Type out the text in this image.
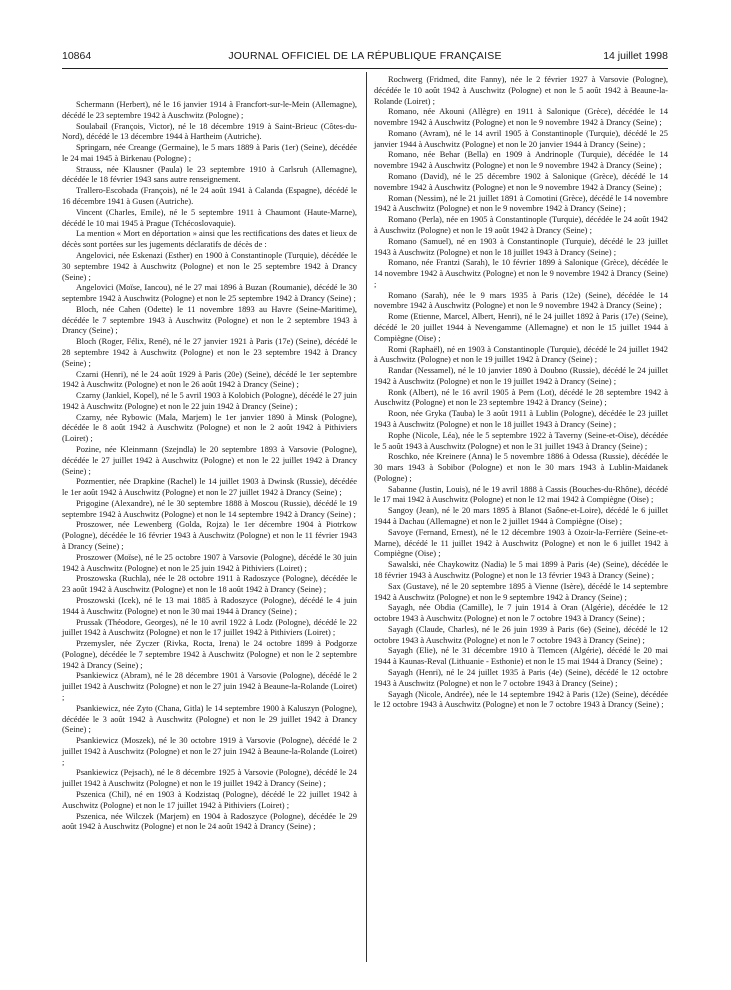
JOURNAL OFFICIEL DE LA RÉPUBLIQUE FRANÇAISE
10864	14 juillet 1998

Schermann (Herbert), né le 16 janvier 1914 à Francfort-sur-le-Mein (Allemagne), décédé le 23 septembre 1942 à Auschwitz (Pologne) ;

Soulabail (François, Victor), né le 18 décembre 1919 à Saint-Brieuc (Côtes-du-Nord), décédé le 13 décembre 1944 à Hartheim (Autriche).

Springarn, née Creange (Germaine), le 5 mars 1889 à Paris (1er) (Seine), décédée le 24 mai 1945 à Birkenau (Pologne) ;

Strauss, née Klausner (Paula) le 23 septembre 1910 à Carlsruh (Allemagne), décédée le 18 février 1943 sans autre renseignement.

Trallero-Escobada (François), né le 24 août 1941 à Calanda (Espagne), décédé le 16 décembre 1941 à Gusen (Autriche).

Vincent (Charles, Emile), né le 5 septembre 1911 à Chaumont (Haute-Marne), décédé le 10 mai 1945 à Prague (Tchécoslovaquie).

La mention « Mort en déportation » ainsi que les rectifications des dates et lieux de décès sont portées sur les jugements déclaratifs de décès de :

Angelovici, née Eskenazi (Esther) en 1900 à Constantinople (Turquie), décédée le 30 septembre 1942 à Auschwitz (Pologne) et non le 25 septembre 1942 à Drancy (Seine) ;

Angelovici (Moïse, Iancou), né le 27 mai 1896 à Buzan (Roumanie), décédé le 30 septembre 1942 à Auschwitz (Pologne) et non le 25 septembre 1942 à Drancy (Seine) ;

Bloch, née Cahen (Odette) le 11 novembre 1893 au Havre (Seine-Maritime), décédée le 7 septembre 1943 à Auschwitz (Pologne) et non le 2 septembre 1943 à Drancy (Seine) ;

Bloch (Roger, Félix, René), né le 27 janvier 1921 à Paris (17e) (Seine), décédé le 28 septembre 1942 à Auschwitz (Pologne) et non le 23 septembre 1942 à Drancy (Seine) ;

Czarni (Henri), né le 24 août 1929 à Paris (20e) (Seine), décédé le 1er septembre 1942 à Auschwitz (Pologne) et non le 26 août 1942 à Drancy (Seine) ;

Czarny (Jankiel, Kopel), né le 5 avril 1903 à Kolobich (Pologne), décédé le 27 juin 1942 à Auschwitz (Pologne) et non le 22 juin 1942 à Drancy (Seine) ;

Czarny, née Rybowic (Mala, Marjem) le 1er janvier 1890 à Minsk (Pologne), décédée le 8 août 1942 à Auschwitz (Pologne) et non le 2 août 1942 à Pithiviers (Loiret) ;

Pozine, née Kleinmann (Szejndla) le 20 septembre 1893 à Varsovie (Pologne), décédée le 27 juillet 1942 à Auschwitz (Pologne) et non le 22 juillet 1942 à Drancy (Seine) ;

Pozmentier, née Drapkine (Rachel) le 14 juillet 1903 à Dwinsk (Russie), décédée le 1er août 1942 à Auschwitz (Pologne) et non le 27 juillet 1942 à Drancy (Seine) ;

Prigogine (Alexandre), né le 30 septembre 1888 à Moscou (Russie), décédé le 19 septembre 1942 à Auschwitz (Pologne) et non le 14 septembre 1942 à Drancy (Seine) ;

Proszower, née Lewenberg (Golda, Rojza) le 1er décembre 1904 à Piotrkow (Pologne), décédée le 16 février 1943 à Auschwitz (Pologne) et non le 11 février 1943 à Drancy (Seine) ;

Proszower (Moïse), né le 25 octobre 1907 à Varsovie (Pologne), décédé le 30 juin 1942 à Auschwitz (Pologne) et non le 25 juin 1942 à Pithiviers (Loiret) ;

Proszowska (Ruchla), née le 28 octobre 1911 à Radoszyce (Pologne), décédée le 23 août 1942 à Auschwitz (Pologne) et non le 18 août 1942 à Drancy (Seine) ;

Proszowski (Icek), né le 13 mai 1885 à Radoszyce (Pologne), décédé le 4 juin 1944 à Auschwitz (Pologne) et non le 30 mai 1944 à Drancy (Seine) ;

Prussak (Théodore, Georges), né le 10 avril 1922 à Lodz (Pologne), décédé le 22 juillet 1942 à Auschwitz (Pologne) et non le 17 juillet 1942 à Pithiviers (Loiret) ;

Przemysler, née Zyczer (Rivka, Rocta, Irena) le 24 octobre 1899 à Podgorze (Pologne), décédée le 7 septembre 1942 à Auschwitz (Pologne) et non le 2 septembre 1942 à Drancy (Seine) ;

Psankiewicz (Abram), né le 28 décembre 1901 à Varsovie (Pologne), décédé le 2 juillet 1942 à Auschwitz (Pologne) et non le 27 juin 1942 à Beaune-la-Rolande (Loiret) ;

Psankiewicz, née Zyto (Chana, Gitla) le 14 septembre 1900 à Kaluszyn (Pologne), décédée le 3 août 1942 à Auschwitz (Pologne) et non le 29 juillet 1942 à Drancy (Seine) ;

Psankiewicz (Moszek), né le 30 octobre 1919 à Varsovie (Pologne), décédé le 2 juillet 1942 à Auschwitz (Pologne) et non le 27 juin 1942 à Beaune-la-Rolande (Loiret) ;

Psankiewicz (Pejsach), né le 8 décembre 1925 à Varsovie (Pologne), décédé le 24 juillet 1942 à Auschwitz (Pologne) et non le 19 juillet 1942 à Drancy (Seine) ;

Pszenica (Chil), né en 1903 à Kodzistaq (Pologne), décédé le 22 juillet 1942 à Auschwitz (Pologne) et non le 17 juillet 1942 à Pithiviers (Loiret) ;

Pszenica, née Wilczek (Marjem) en 1904 à Radoszyce (Pologne), décédée le 29 août 1942 à Auschwitz (Pologne) et non le 24 août 1942 à Drancy (Seine) ;

Rochwerg (Fridmed, dite Fanny), née le 2 février 1927 à Varsovie (Pologne), décédée le 10 août 1942 à Auschwitz (Pologne) et non le 5 août 1942 à Beaune-la-Rolande (Loiret) ;

Romano, née Akouni (Allègre) en 1911 à Salonique (Grèce), décédée le 14 novembre 1942 à Auschwitz (Pologne) et non le 9 novembre 1942 à Drancy (Seine) ;

Romano (Avram), né le 14 avril 1905 à Constantinople (Turquie), décédé le 25 janvier 1944 à Auschwitz (Pologne) et non le 20 janvier 1944 à Drancy (Seine) ;

Romano, née Behar (Bella) en 1909 à Andrinople (Turquie), décédée le 14 novembre 1942 à Auschwitz (Pologne) et non le 9 novembre 1942 à Drancy (Seine) ;

Romano (David), né le 25 décembre 1902 à Salonique (Grèce), décédé le 14 novembre 1942 à Auschwitz (Pologne) et non le 9 novembre 1942 à Drancy (Seine) ;

Roman (Nessim), né le 21 juillet 1891 à Comotini (Grèce), décédé le 14 novembre 1942 à Auschwitz (Pologne) et non le 9 novembre 1942 à Drancy (Seine) ;

Romano (Perla), née en 1905 à Constantinople (Turquie), décédée le 24 août 1942 à Auschwitz (Pologne) et non le 19 août 1942 à Drancy (Seine) ;

Romano (Samuel), né en 1903 à Constantinople (Turquie), décédé le 23 juillet 1943 à Auschwitz (Pologne) et non le 18 juillet 1943 à Drancy (Seine) ;

Romano, née Frantzi (Sarah), le 10 février 1899 à Salonique (Grèce), décédée le 14 novembre 1942 à Auschwitz (Pologne) et non le 9 novembre 1942 à Drancy (Seine) ;

Romano (Sarah), née le 9 mars 1935 à Paris (12e) (Seine), décédée le 14 novembre 1942 à Auschwitz (Pologne) et non le 9 novembre 1942 à Drancy (Seine) ;

Rome (Etienne, Marcel, Albert, Henri), né le 24 juillet 1892 à Paris (17e) (Seine), décédé le 20 juillet 1944 à Nevengamme (Allemagne) et non le 15 juillet 1944 à Compiègne (Oise) ;

Romi (Raphaël), né en 1903 à Constantinople (Turquie), décédé le 24 juillet 1942 à Auschwitz (Pologne) et non le 19 juillet 1942 à Drancy (Seine) ;

Randar (Nessamel), né le 10 janvier 1890 à Doubno (Russie), décédé le 24 juillet 1942 à Auschwitz (Pologne) et non le 19 juillet 1942 à Drancy (Seine) ;

Ronk (Albert), né le 16 avril 1905 à Pern (Lot), décédé le 28 septembre 1942 à Auschwitz (Pologne) et non le 23 septembre 1942 à Drancy (Seine) ;

Roon, née Gryka (Tauba) le 3 août 1911 à Lublin (Pologne), décédée le 23 juillet 1943 à Auschwitz (Pologne) et non le 18 juillet 1943 à Drancy (Seine) ;

Rophe (Nicole, Léa), née le 5 septembre 1922 à Taverny (Seine-et-Oise), décédée le 5 août 1943 à Auschwitz (Pologne) et non le 31 juillet 1943 à Drancy (Seine) ;

Roschko, née Kreinere (Anna) le 5 novembre 1886 à Odessa (Russie), décédée le 30 mars 1943 à Sobibor (Pologne) et non le 30 mars 1943 à Lublin-Maidanek (Pologne) ;

Sabanne (Justin, Louis), né le 19 avril 1888 à Cassis (Bouches-du-Rhône), décédé le 17 mai 1942 à Auschwitz (Pologne) et non le 12 mai 1942 à Compiègne (Oise) ;

Sangoy (Jean), né le 20 mars 1895 à Blanot (Saône-et-Loire), décédé le 6 juillet 1944 à Dachau (Allemagne) et non le 2 juillet 1944 à Compiègne (Oise) ;

Savoye (Fernand, Ernest), né le 12 décembre 1903 à Ozoir-la-Ferrière (Seine-et-Marne), décédé le 11 juillet 1942 à Auschwitz (Pologne) et non le 6 juillet 1942 à Compiègne (Oise) ;

Sawalski, née Chaykowitz (Nadia) le 5 mai 1899 à Paris (4e) (Seine), décédée le 18 février 1943 à Auschwitz (Pologne) et non le 13 février 1943 à Drancy (Seine) ;

Sax (Gustave), né le 20 septembre 1895 à Vienne (Isère), décédé le 14 septembre 1942 à Auschwitz (Pologne) et non le 9 septembre 1942 à Drancy (Seine) ;

Sayagh, née Obdia (Camille), le 7 juin 1914 à Oran (Algérie), décédée le 12 octobre 1943 à Auschwitz (Pologne) et non le 7 octobre 1943 à Drancy (Seine) ;

Sayagh (Claude, Charles), né le 26 juin 1939 à Paris (6e) (Seine), décédé le 12 octobre 1943 à Auschwitz (Pologne) et non le 7 octobre 1943 à Drancy (Seine) ;

Sayagh (Elie), né le 31 décembre 1910 à Tlemcen (Algérie), décédé le 20 mai 1944 à Kaunas-Reval (Lithuanie - Esthonie) et non le 15 mai 1944 à Drancy (Seine) ;

Sayagh (Henri), né le 24 juillet 1935 à Paris (4e) (Seine), décédé le 12 octobre 1943 à Auschwitz (Pologne) et non le 7 octobre 1943 à Drancy (Seine) ;

Sayagh (Nicole, Andrée), née le 14 septembre 1942 à Paris (12e) (Seine), décédée le 12 octobre 1943 à Auschwitz (Pologne) et non le 7 octobre 1943 à Drancy (Seine) ;
